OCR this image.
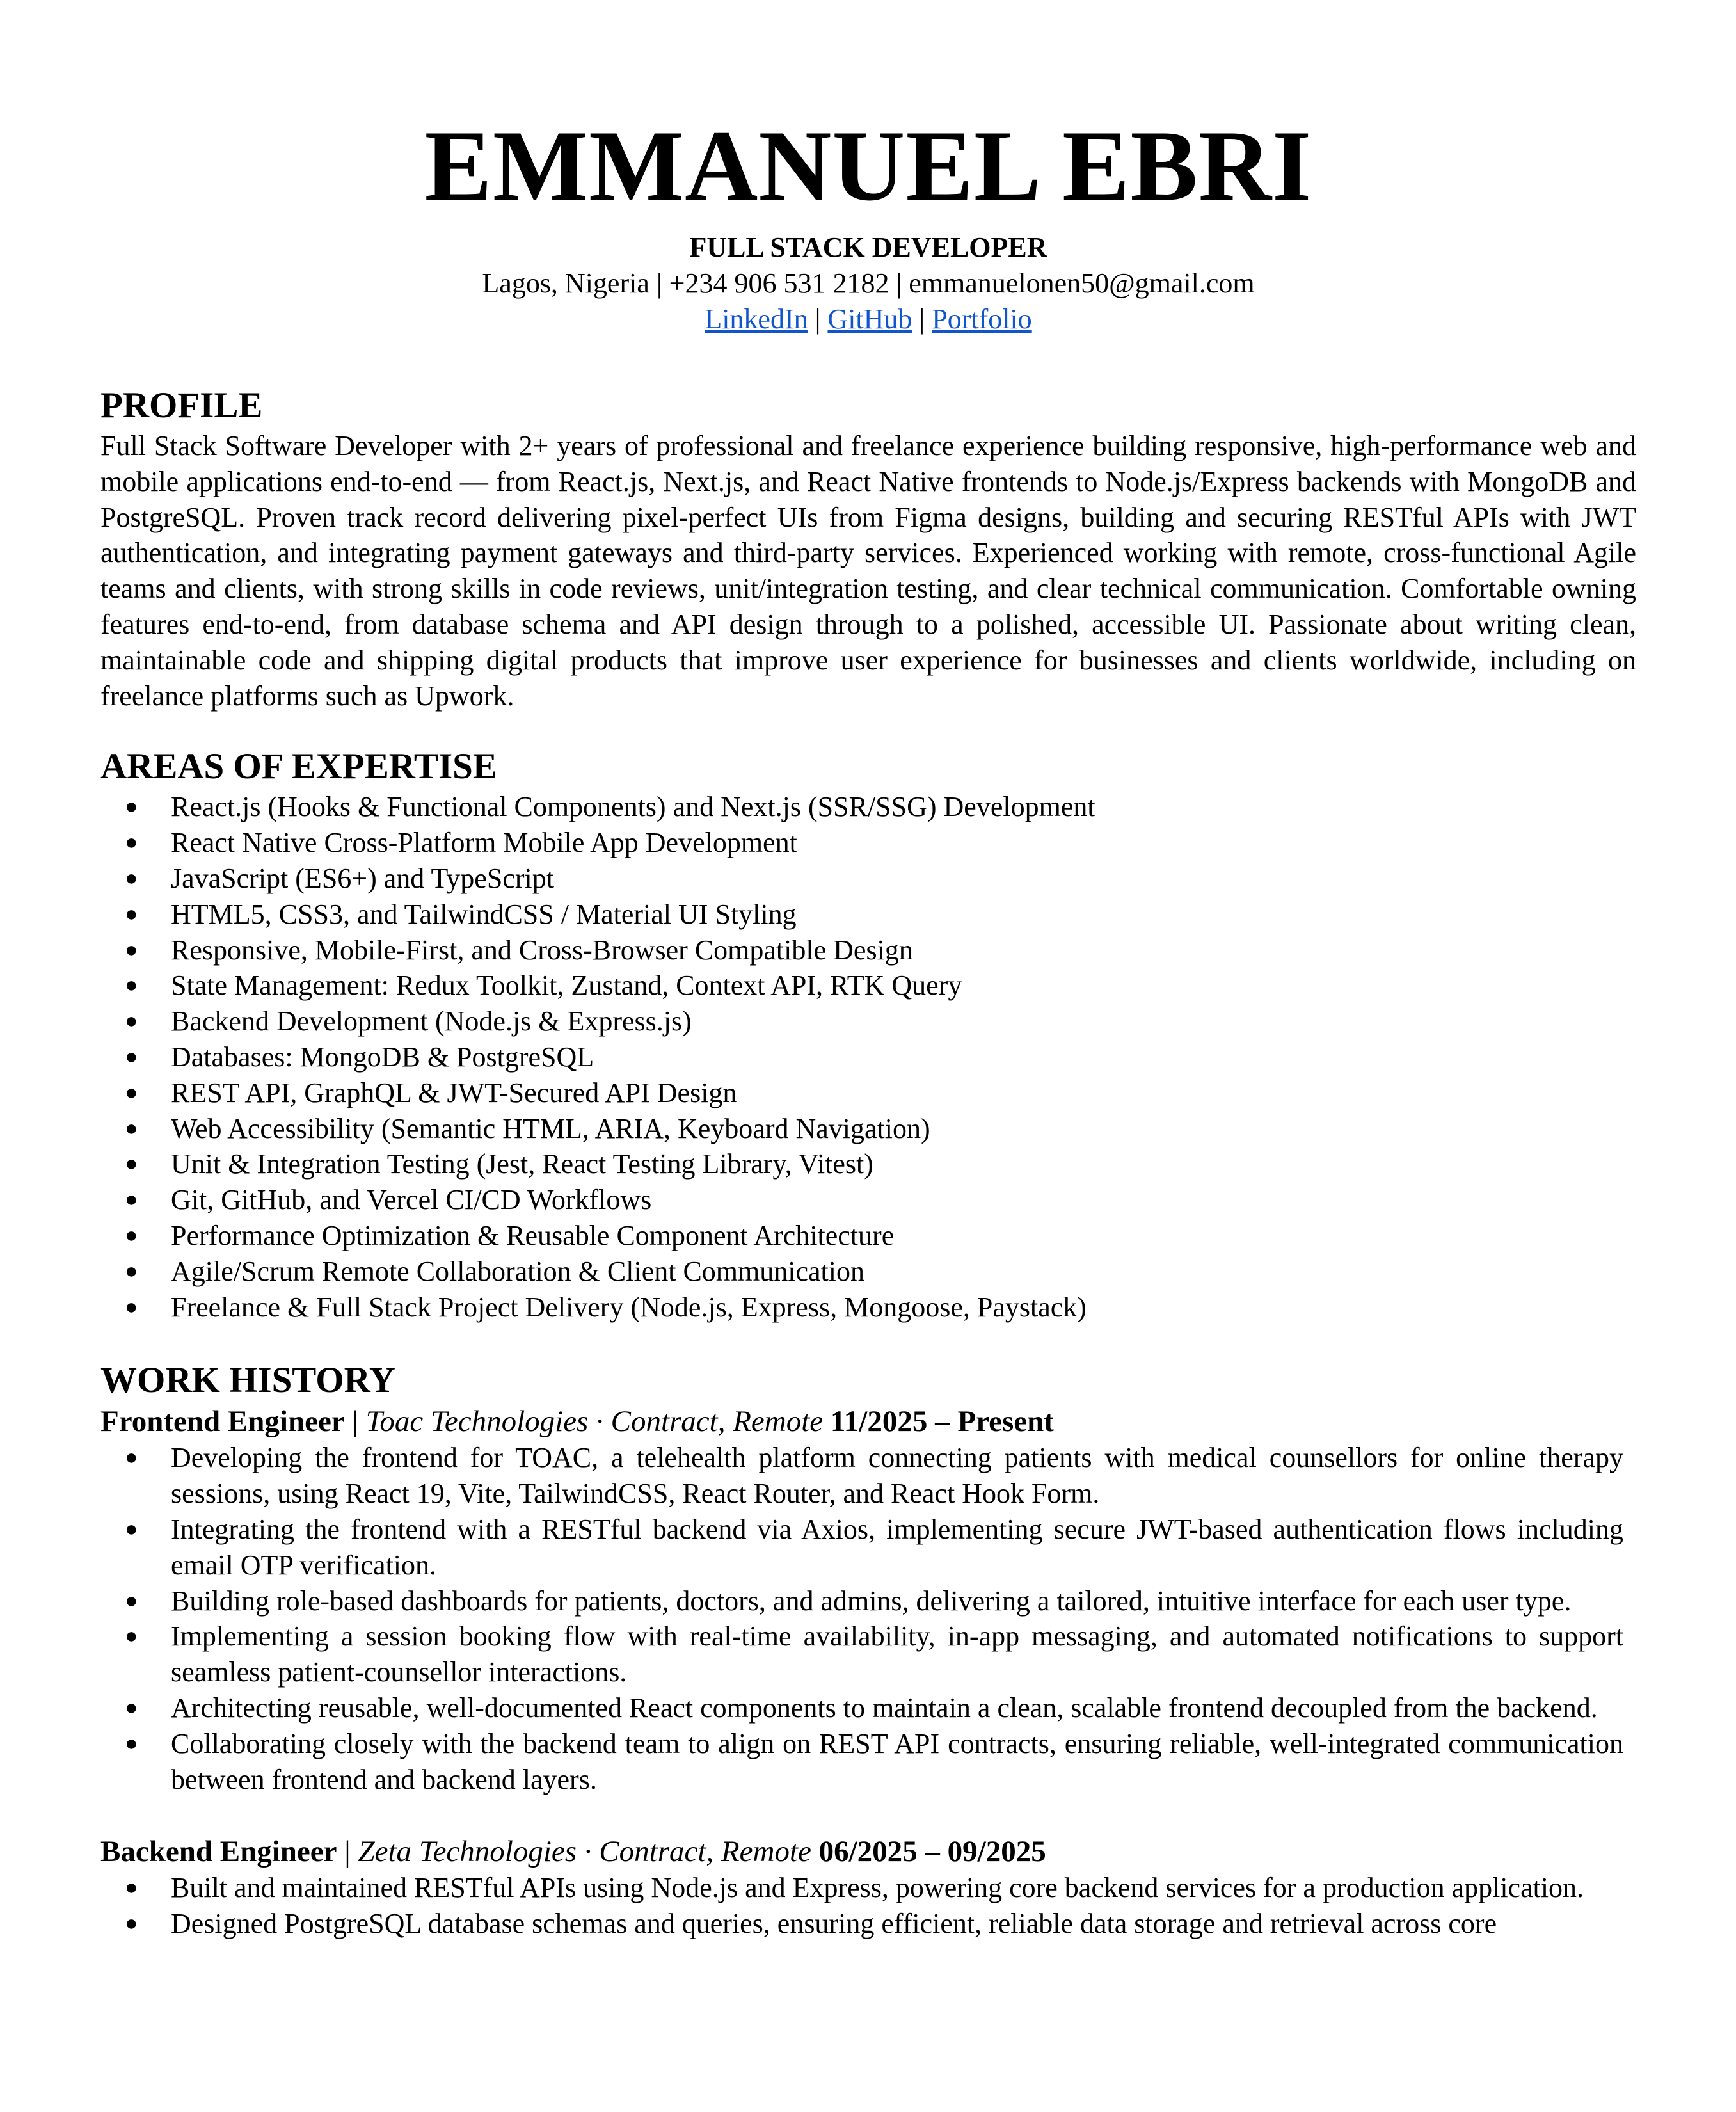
EMMANUEL EBRI
FULL STACK DEVELOPER
Lagos, Nigeria | +234 906 531 2182 | emmanuelonen50@gmail.com
LinkedIn | GitHub | Portfolio
PROFILE

Full Stack Software Developer with 2+ years of professional and freelance experience building responsive, high-performance web and mobile applications end-to-end — from React.js, Next.js, and React Native frontends to Node.js/Express backends with MongoDB and PostgreSQL. Proven track record delivering pixel-perfect UIs from Figma designs, building and securing RESTful APIs with JWT authentication, and integrating payment gateways and third-party services. Experienced working with remote, cross-functional Agile teams and clients, with strong skills in code reviews, unit/integration testing, and clear technical communication. Comfortable owning features end-to-end, from database schema and API design through to a polished, accessible UI. Passionate about writing clean, maintainable code and shipping digital products that improve user experience for businesses and clients worldwide, including on freelance platforms such as Upwork.

AREAS OF EXPERTISE
● React.js (Hooks & Functional Components) and Next.js (SSR/SSG) Development
● React Native Cross-Platform Mobile App Development
● JavaScript (ES6+) and TypeScript
● HTML5, CSS3, and TailwindCSS / Material UI Styling
● Responsive, Mobile-First, and Cross-Browser Compatible Design
● State Management: Redux Toolkit, Zustand, Context API, RTK Query
● Backend Development (Node.js & Express.js)
● Databases: MongoDB & PostgreSQL
● REST API, GraphQL & JWT-Secured API Design
● Web Accessibility (Semantic HTML, ARIA, Keyboard Navigation)
● Unit & Integration Testing (Jest, React Testing Library, Vitest)
● Git, GitHub, and Vercel CI/CD Workflows
● Performance Optimization & Reusable Component Architecture
● Agile/Scrum Remote Collaboration & Client Communication
● Freelance & Full Stack Project Delivery (Node.js, Express, Mongoose, Paystack)
WORK HISTORY
Frontend Engineer | Toac Technologies · Contract, Remote 11/2025 – Present
● Developing the frontend for TOAC, a telehealth platform connecting patients with medical counsellors for online therapy sessions, using React 19, Vite, TailwindCSS, React Router, and React Hook Form.
● Integrating the frontend with a RESTful backend via Axios, implementing secure JWT-based authentication flows including email OTP verification.
● Building role-based dashboards for patients, doctors, and admins, delivering a tailored, intuitive interface for each user type.
● Implementing a session booking flow with real-time availability, in-app messaging, and automated notifications to support seamless patient-counsellor interactions.
● Architecting reusable, well-documented React components to maintain a clean, scalable frontend decoupled from the backend.
● Collaborating closely with the backend team to align on REST API contracts, ensuring reliable, well-integrated communication between frontend and backend layers.
Backend Engineer | Zeta Technologies · Contract, Remote 06/2025 – 09/2025
● Built and maintained RESTful APIs using Node.js and Express, powering core backend services for a production application.
● Designed PostgreSQL database schemas and queries, ensuring efficient, reliable data storage and retrieval across core
